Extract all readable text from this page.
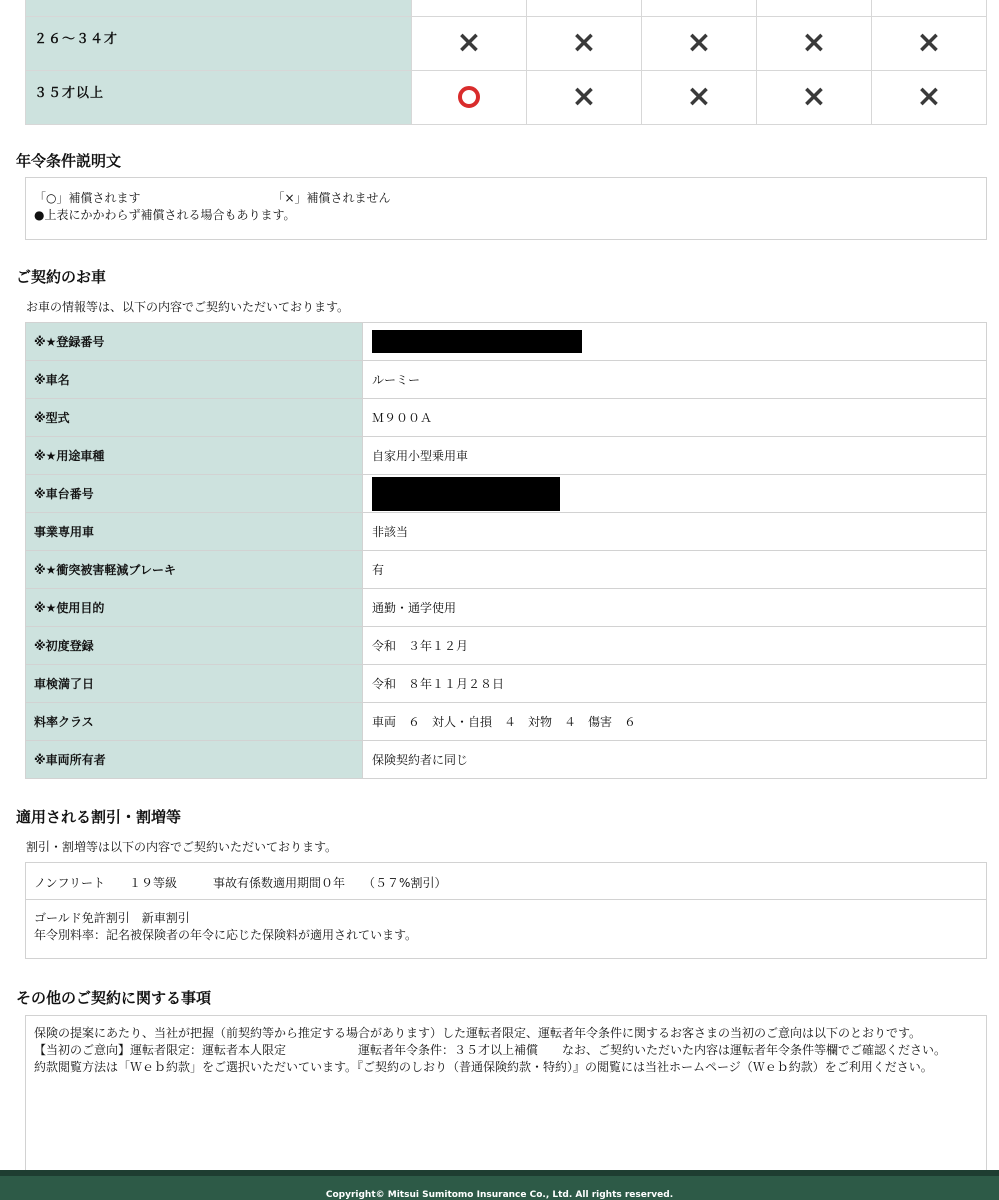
２６～３４才	×	×	×	×	×
３５才以上		×	×	×	×
年令条件説明文
「○」補償されます	「×」補償されません
●上表にかかわらず補償される場合もあります。
ご契約のお車
お車の情報等は、以下の内容でご契約いただいております。
※★登録番号	
※車名	ルーミー
※型式	Ｍ９００Ａ
※★用途車種	自家用小型乗用車
※車台番号	
事業専用車	非該当
※★衝突被害軽減ブレーキ	有
※★使用目的	通勤・通学使用
※初度登録	令和　３年１２月
車検満了日	令和　８年１１月２８日
料率クラス	車両　６　対人・自損　４　対物　４　傷害　６
※車両所有者	保険契約者に同じ
適用される割引・割増等
割引・割増等は以下の内容でご契約いただいております。
ノンフリート　　１９等級　　　事故有係数適用期間０年　　（５７%割引）
ゴールド免許割引　新車割引
年令別料率：記名被保険者の年令に応じた保険料が適用されています。
その他のご契約に関する事項
保険の提案にあたり、当社が把握（前契約等から推定する場合があります）した運転者限定、運転者年令条件に関するお客さまの当初のご意向は以下のとおりです。
【当初のご意向】運転者限定：運転者本人限定　　　　　　運転者年令条件：３５才以上補償　　なお、ご契約いただいた内容は運転者年令条件等欄でご確認ください。
約款閲覧方法は「Ｗｅｂ約款」をご選択いただいています。『ご契約のしおり（普通保険約款・特約）』の閲覧には当社ホームページ（Ｗｅｂ約款）をご利用ください。
Copyright© Mitsui Sumitomo Insurance Co., Ltd. All rights reserved.
